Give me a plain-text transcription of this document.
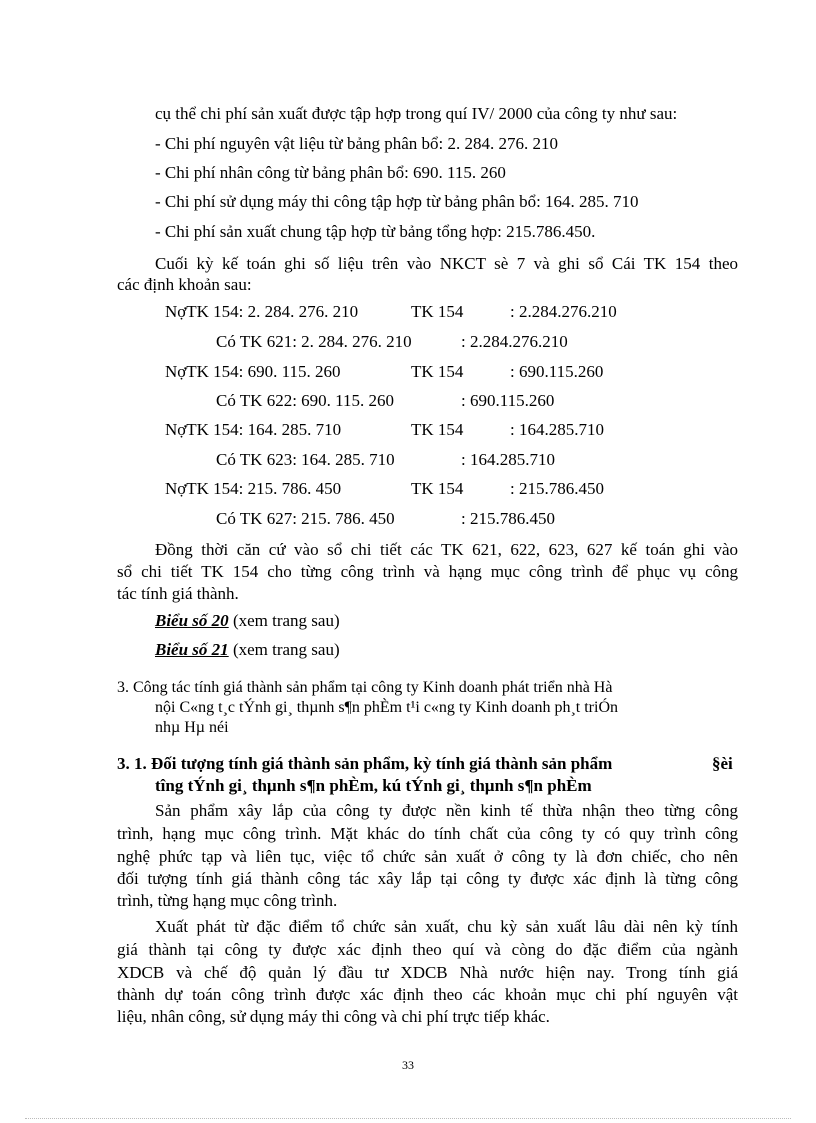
cụ thể chi phí sản xuất được tập hợp trong quí IV/ 2000 của công ty như sau:
- Chi phí nguyên vật liệu từ bảng phân bổ: 2. 284. 276. 210
- Chi phí nhân công từ bảng phân bổ: 690. 115. 260
- Chi phí sử dụng máy thi công tập hợp từ bảng phân bổ: 164. 285. 710
- Chi phí sản xuất chung tập hợp từ bảng tổng hợp: 215.786.450.
Cuối kỳ kế toán ghi số liệu trên vào NKCT sè 7 và ghi sổ Cái TK 154 theo
các định khoản sau:
NợTK 154: 2. 284. 276. 210	TK 154	: 2.284.276.210
Có TK 621: 2. 284. 276. 210	: 2.284.276.210
NợTK 154: 690. 115. 260	TK 154	: 690.115.260
Có TK 622: 690. 115. 260	: 690.115.260
NợTK 154: 164. 285. 710	TK 154	: 164.285.710
Có TK 623: 164. 285. 710	: 164.285.710
NợTK 154: 215. 786. 450	TK 154	: 215.786.450
Có TK 627: 215. 786. 450	: 215.786.450
Đồng thời căn cứ vào sổ chi tiết các TK 621, 622, 623, 627 kế toán ghi vào
sổ chi tiết TK 154 cho từng công trình và hạng mục công trình để phục vụ công
tác tính giá thành.
Biểu số 20 (xem trang sau)
Biểu số 21 (xem trang sau)
3. Công tác tính giá thành sản phẩm tại công ty Kinh doanh phát triển nhà Hà
nội C«ng t¸c tÝnh gi¸ thµnh s¶n phÈm t¹i c«ng ty Kinh doanh ph¸t triÓn
nhµ Hµ néi
3. 1. Đối tượng tính giá thành sản phẩm, kỳ tính giá thành sản phẩm	§èi
tîng tÝnh gi¸ thµnh s¶n phÈm, kú tÝnh gi¸ thµnh s¶n phÈm
Sản phẩm xây lắp của công ty được nền kinh tế thừa nhận theo từng công
trình, hạng mục công trình. Mặt khác do tính chất của công ty có quy trình công
nghệ phức tạp và liên tục, việc tổ chức sản xuất ở công ty là đơn chiếc, cho nên
đối tượng tính giá thành công tác xây lắp tại công ty được xác định là từng công
trình, từng hạng mục công trình.
Xuất phát từ đặc điểm tổ chức sản xuất, chu kỳ sản xuất lâu dài nên kỳ tính
giá thành tại công ty được xác định theo quí và còng do đặc điểm của ngành
XDCB và chế độ quản lý đầu tư XDCB Nhà nước hiện nay. Trong tính giá
thành dự toán công trình được xác định theo các khoản mục chi phí nguyên vật
liệu, nhân công, sử dụng máy thi công và chi phí trực tiếp khác.
33
